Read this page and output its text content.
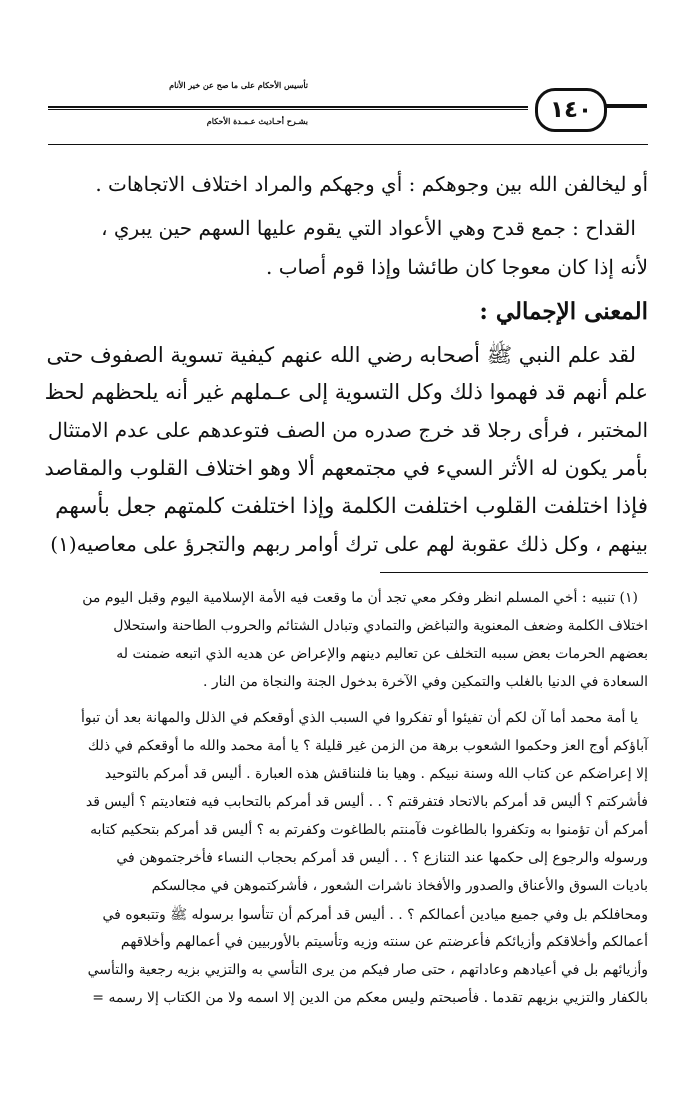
تأسيس الأحكام على ما صح عن خير الأنام
بشـرح أحـاديث عـمـدة الأحكام	١٤٠
أو ليخالفن الله بين وجوهكم : أي وجهكم والمراد اختلاف الاتجاهات .
القداح : جمع قدح وهي الأعواد التي يقوم عليها السهم حين يبري ،
لأنه إذا كان معوجا كان طائشا وإذا قوم أصاب .
المعنى الإجمالي :
لقد علم النبي ﷺ أصحابه رضي الله عنهم كيفية تسوية الصفوف حتى
علم أنهم قد فهموا ذلك وكل التسوية إلى عـملهم غير أنه يلحظهم لحظ
المختبر ، فرأى رجلا قد خرج صدره من الصف فتوعدهم على عدم الامتثال
بأمر يكون له الأثر السيء في مجتمعهم ألا وهو اختلاف القلوب والمقاصد
فإذا اختلفت القلوب اختلفت الكلمة وإذا اختلفت كلمتهم جعل بأسهم
بينهم ، وكل ذلك عقوبة لهم على ترك أوامر ربهم والتجرؤ على معاصيه(١)
(١) تنبيه : أخي المسلم انظر وفكر معي تجد أن ما وقعت فيه الأمة الإسلامية اليوم وقبل اليوم من
اختلاف الكلمة وضعف المعنوية والتباغض والتمادي وتبادل الشتائم والحروب الطاحنة واستحلال
بعضهم الحرمات بعض سببه التخلف عن تعاليم دينهم والإعراض عن هديه الذي اتبعه ضمنت له
السعادة في الدنيا بالغلب والتمكين وفي الآخرة بدخول الجنة والنجاة من النار .
يا أمة محمد أما آن لكم أن تفيئوا أو تفكروا في السبب الذي أوقعكم في الذلل والمهانة بعد أن تبوأ
آباؤكم أوج العز وحكموا الشعوب برهة من الزمن غير قليلة ؟ يا أمة محمد والله ما أوقعكم في ذلك
إلا إعراضكم عن كتاب الله وسنة نبيكم . وهيا بنا فلنناقش هذه العبارة . أليس قد أمركم بالتوحيد
فأشركتم ؟ أليس قد أمركم بالاتحاد فتفرقتم ؟ . . أليس قد أمركم بالتحابب فيه فتعاديتم ؟ أليس قد
أمركم أن تؤمنوا به وتكفروا بالطاغوت فآمنتم بالطاغوت وكفرتم به ؟ أليس قد أمركم بتحكيم كتابه
ورسوله والرجوع إلى حكمها عند التنازع ؟ . . أليس قد أمركم بحجاب النساء فأخرجتموهن في
باديات السوق والأعناق والصدور والأفخاذ ناشرات الشعور ، فأشركتموهن في مجالسكم
ومحافلكم بل وفي جميع ميادين أعمالكم ؟ . . أليس قد أمركم أن تتأسوا برسوله ﷺ وتتبعوه في
أعمالكم وأخلاقكم وأزيائكم فأعرضتم عن سنته وزيه وتأسيتم بالأوربيين في أعمالهم وأخلاقهم
وأزيائهم بل في أعيادهم وعاداتهم ، حتى صار فيكم من يرى التأسي به والتزيي بزيه رجعية والتأسي
بالكفار والتزيي بزيهم تقدما . فأصبحتم وليس معكم من الدين إلا اسمه ولا من الكتاب إلا رسمه =
